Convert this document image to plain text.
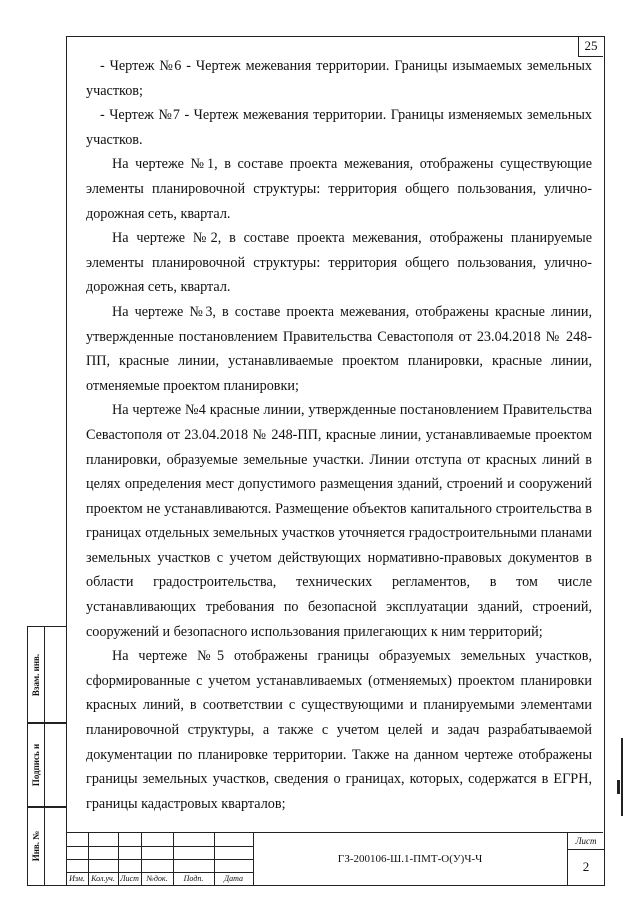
25

- Чертеж №6 - Чертеж межевания территории. Границы изымаемых земельных участков;

- Чертеж №7 - Чертеж межевания территории. Границы изменяемых земельных участков.

На чертеже №1, в составе проекта межевания, отображены существующие элементы планировочной структуры: территория общего пользования, улично-дорожная сеть, квартал.

На чертеже №2, в составе проекта межевания, отображены планируемые элементы планировочной структуры: территория общего пользования, улично-дорожная сеть, квартал.

На чертеже №3, в составе проекта межевания, отображены красные линии, утвержденные постановлением Правительства Севастополя от 23.04.2018 № 248-ПП, красные линии, устанавливаемые проектом планировки, красные линии, отменяемые проектом планировки;

На чертеже №4 красные линии, утвержденные постановлением Правительства Севастополя от 23.04.2018 № 248-ПП, красные линии, устанавливаемые проектом планировки, образуемые земельные участки. Линии отступа от красных линий в целях определения мест допустимого размещения зданий, строений и сооружений проектом не устанавливаются. Размещение объектов капитального строительства в границах отдельных земельных участков уточняется градостроительными планами земельных участков с учетом действующих нормативно-правовых документов в области градостроительства, технических регламентов, в том числе устанавливающих требования по безопасной эксплуатации зданий, строений, сооружений и безопасного использования прилегающих к ним территорий;

На чертеже №5 отображены границы образуемых земельных участков, сформированные с учетом устанавливаемых (отменяемых) проектом планировки красных линий, в соответствии с существующими и планируемыми элементами планировочной структуры, а также с учетом целей и задач разрабатываемой документации по планировке территории. Также на данном чертеже отображены границы земельных участков, сведения о границах, которых, содержатся в ЕГРН, границы кадастровых кварталов;

Взам. инв.
Подпись и
Инв. №
Изм. Кол.уч. Лист №док.	Подп.	Дата
ГЗ-200106-Ш.1-ПМТ-О(У)Ч-Ч
Лист
2
